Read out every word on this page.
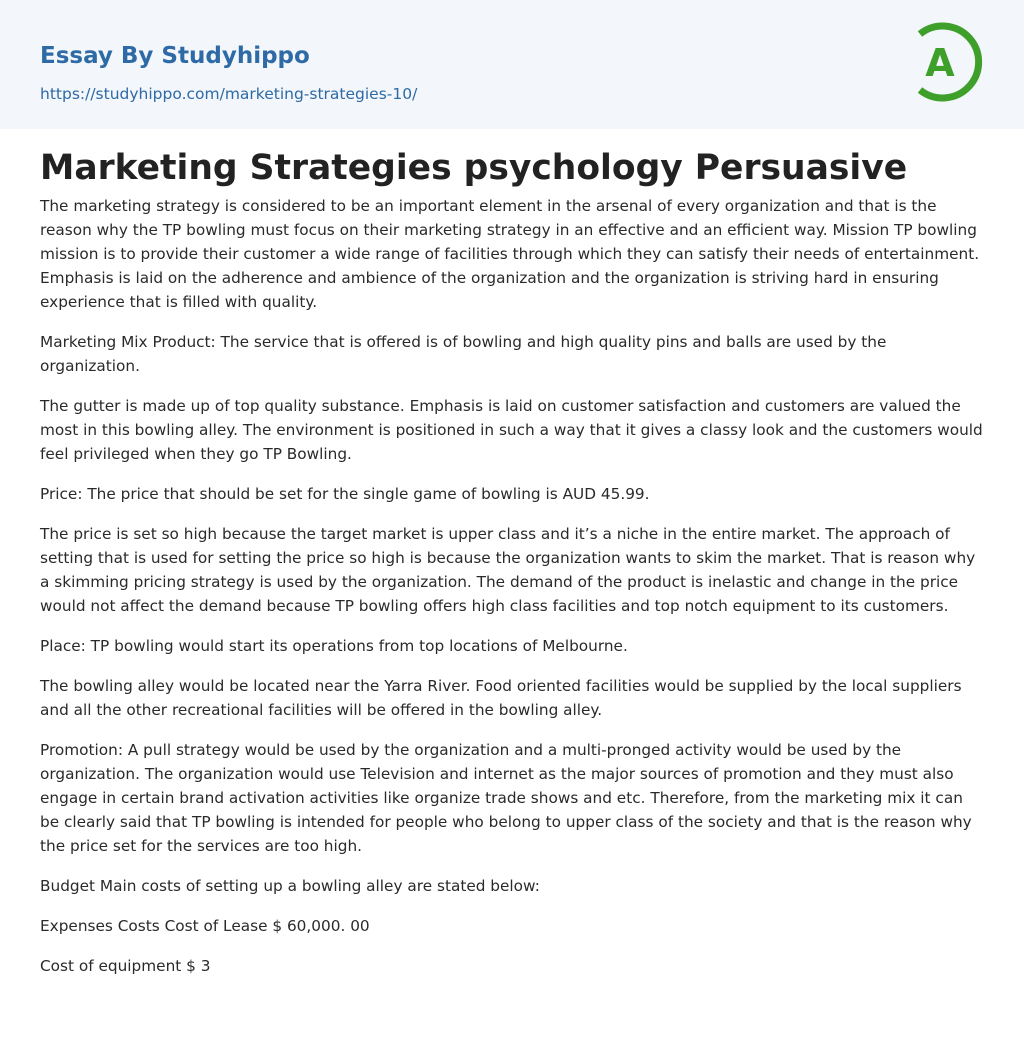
Essay By Studyhippo
https://studyhippo.com/marketing-strategies-10/
A
Marketing Strategies psychology Persuasive

The marketing strategy is considered to be an important element in the arsenal of every organization and that is the reason why the TP bowling must focus on their marketing strategy in an effective and an efficient way. Mission TP bowling mission is to provide their customer a wide range of facilities through which they can satisfy their needs of entertainment. Emphasis is laid on the adherence and ambience of the organization and the organization is striving hard in ensuring experience that is filled with quality.

Marketing Mix Product: The service that is offered is of bowling and high quality pins and balls are used by the organization.

The gutter is made up of top quality substance. Emphasis is laid on customer satisfaction and customers are valued the most in this bowling alley. The environment is positioned in such a way that it gives a classy look and the customers would feel privileged when they go TP Bowling.

Price: The price that should be set for the single game of bowling is AUD 45.99.

The price is set so high because the target market is upper class and it’s a niche in the entire market. The approach of setting that is used for setting the price so high is because the organization wants to skim the market. That is reason why a skimming pricing strategy is used by the organization. The demand of the product is inelastic and change in the price would not affect the demand because TP bowling offers high class facilities and top notch equipment to its customers.

Place: TP bowling would start its operations from top locations of Melbourne.

The bowling alley would be located near the Yarra River. Food oriented facilities would be supplied by the local suppliers and all the other recreational facilities will be offered in the bowling alley.

Promotion: A pull strategy would be used by the organization and a multi-pronged activity would be used by the organization. The organization would use Television and internet as the major sources of promotion and they must also engage in certain brand activation activities like organize trade shows and etc. Therefore, from the marketing mix it can be clearly said that TP bowling is intended for people who belong to upper class of the society and that is the reason why the price set for the services are too high.

Budget Main costs of setting up a bowling alley are stated below:

Expenses Costs Cost of Lease $ 60,000. 00

Cost of equipment $ 3
